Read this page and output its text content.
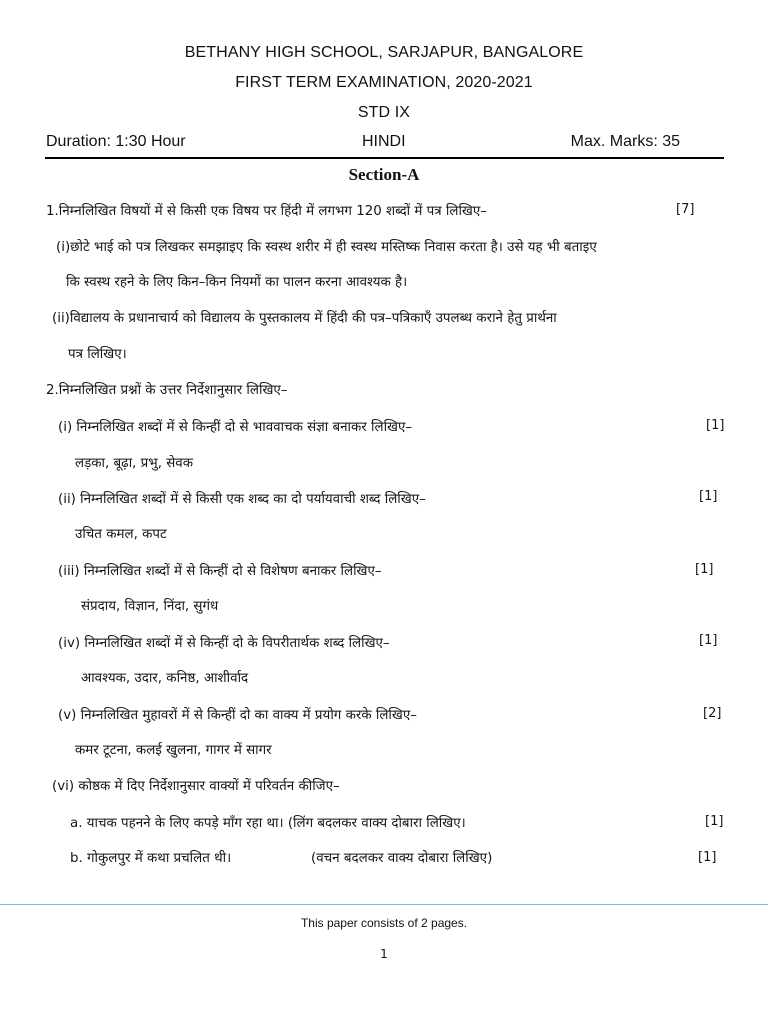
BETHANY HIGH SCHOOL, SARJAPUR, BANGALORE
FIRST TERM EXAMINATION, 2020-2021
STD IX
Duration: 1:30 Hour	HINDI	Max. Marks: 35
Section-A
1.निम्नलिखित विषयों में से किसी एक विषय पर हिंदी में लगभग 120 शब्दों में पत्र लिखिए–	[7]
(i)छोटे भाई को पत्र लिखकर समझाइए कि स्वस्थ शरीर में ही स्वस्थ मस्तिष्क निवास करता है। उसे यह भी बताइए
कि स्वस्थ रहने के लिए किन–किन नियमों का पालन करना आवश्यक है।
(ii)विद्यालय के प्रधानाचार्य को विद्यालय के पुस्तकालय में हिंदी की पत्र–पत्रिकाएँ उपलब्ध कराने हेतु प्रार्थना
पत्र लिखिए।
2.निम्नलिखित प्रश्नों के उत्तर निर्देशानुसार लिखिए–
(i) निम्नलिखित शब्दों में से किन्हीं दो से भाववाचक संज्ञा बनाकर लिखिए–	[1]
लड़का, बूढ़ा, प्रभु, सेवक
(ii) निम्नलिखित शब्दों में से किसी एक शब्द का दो पर्यायवाची शब्द लिखिए–	[1]
उचित कमल, कपट
(iii) निम्नलिखित शब्दों में से किन्हीं दो से विशेषण बनाकर लिखिए–	[1]
संप्रदाय, विज्ञान, निंदा, सुगंध
(iv) निम्नलिखित शब्दों में से किन्हीं दो के विपरीतार्थक शब्द लिखिए–	[1]
आवश्यक, उदार, कनिष्ठ, आशीर्वाद
(v) निम्नलिखित मुहावरों में से किन्हीं दो का वाक्य में प्रयोग करके लिखिए–	[2]
कमर टूटना, कलई खुलना, गागर में सागर
(vi) कोष्ठक में दिए निर्देशानुसार वाक्यों में परिवर्तन कीजिए–
a. याचक पहनने के लिए कपड़े माँग रहा था। (लिंग बदलकर वाक्य दोबारा लिखिए।	[1]
b. गोकुलपुर में कथा प्रचलित थी।	(वचन बदलकर वाक्य दोबारा लिखिए)	[1]
This paper consists of 2 pages.
1
